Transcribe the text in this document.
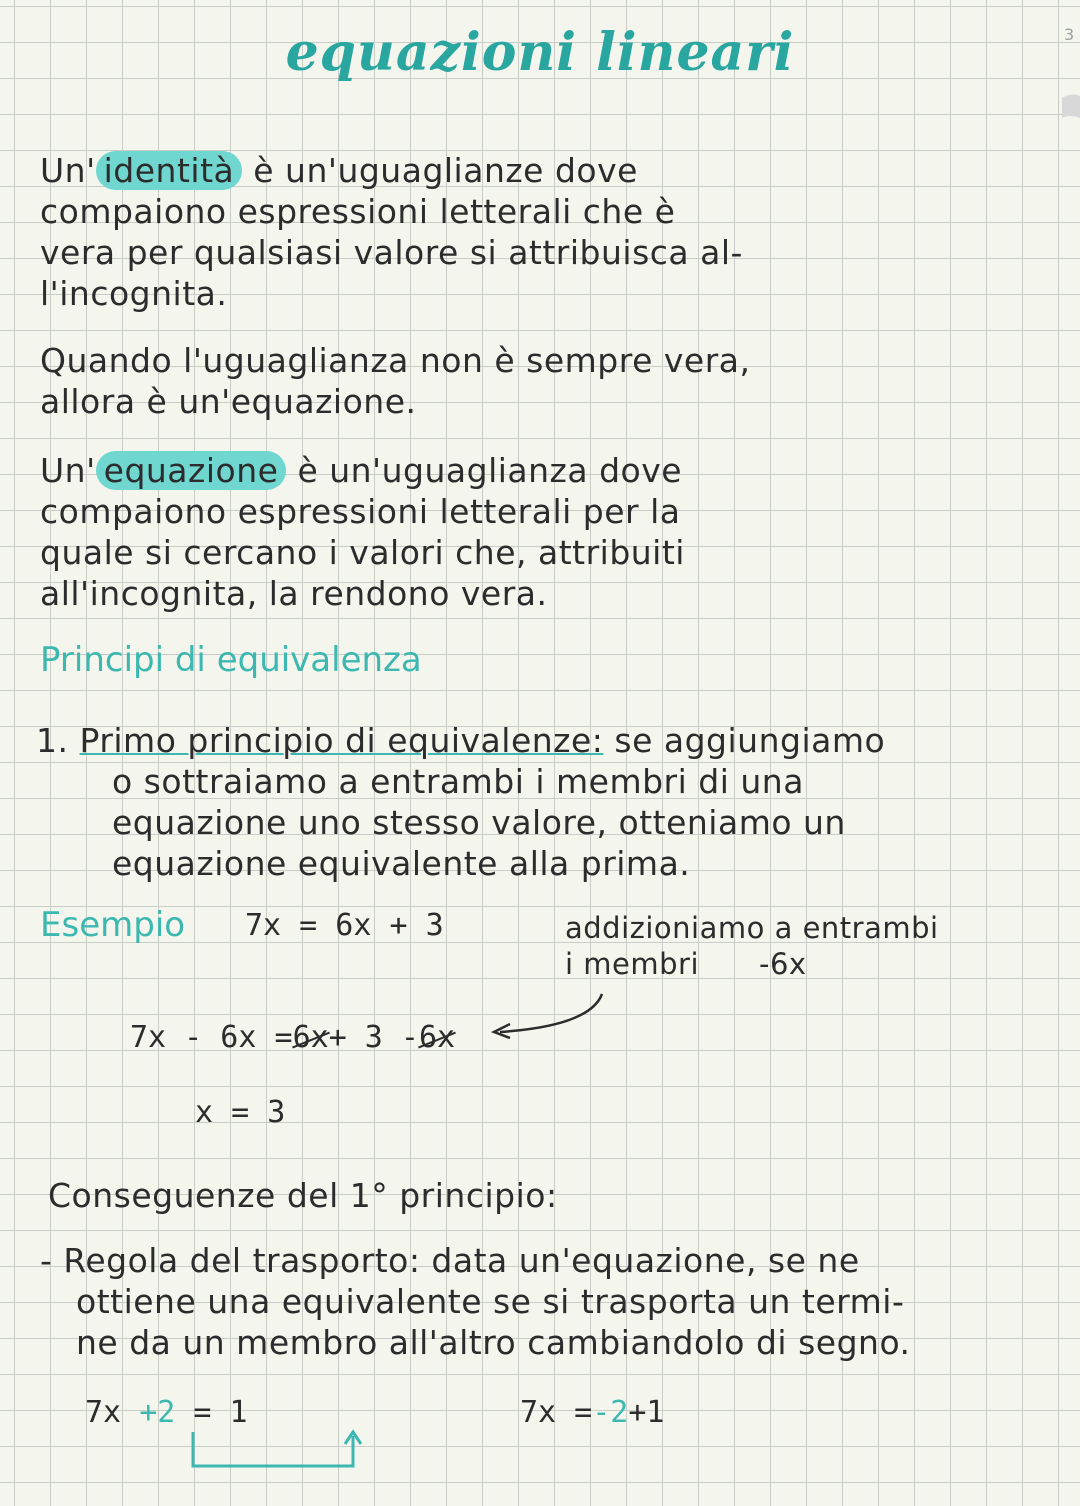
3
equazioni lineari
Un' identità è un'uguaglianze dove
compaiono espressioni letterali che è
vera per qualsiasi valore si attribuisca al-
l'incognita.
Quando l'uguaglianza non è sempre vera,
allora è un'equazione.
Un' equazione è un'uguaglianza dove
compaiono espressioni letterali per la
quale si cercano i valori che, attribuiti
all'incognita, la rendono vera.
Principi di equivalenza
1. Primo principio di equivalenze: se aggiungiamo
o sottraiamo a entrambi i membri di una
equazione uno stesso valore, otteniamo un
equazione equivalente alla prima.
Esempio 7x = 6x + 3	addizioniamo a entrambi
i membri -6x
7x - 6x =6x+ 3 -6x
x = 3
Conseguenze del 1° principio:
- Regola del trasporto: data un'equazione, se ne
ottiene una equivalente se si trasporta un termi-
ne da un membro all'altro cambiandolo di segno.
7x +2 = 1	7x =-2+1
